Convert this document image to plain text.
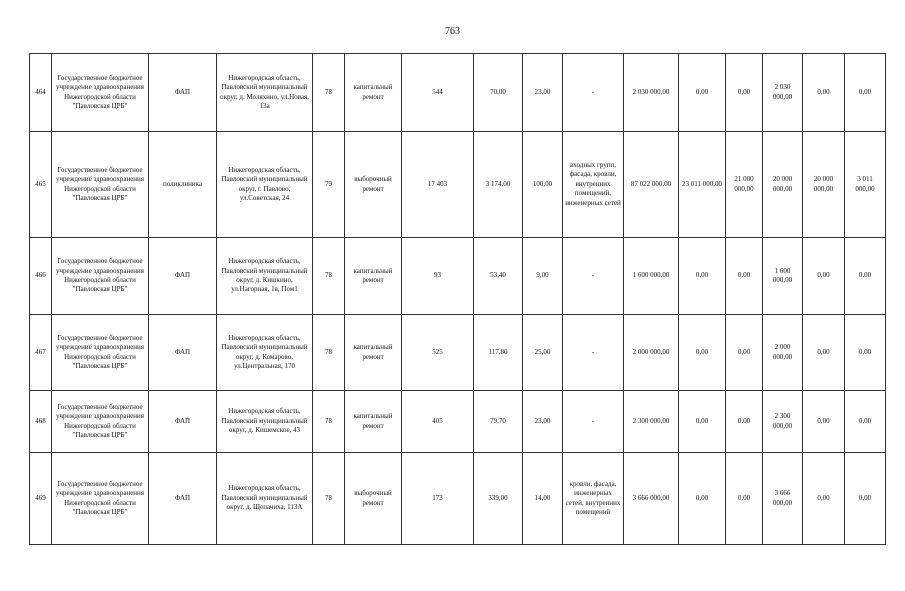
763
464	Государственное бюджетное учреждение здравоохранения Нижегородской области "Павловская ЦРБ"	ФАП	Нижегородская область, Павловский муниципальный округ, д. Моляхино, ул.Новая, 13а	78	капитальный ремонт	544	70,00	23,00	-	2 030 000,00	0,00	0,00	2 030 000,00	0,00	0,00
465	Государственное бюджетное учреждение здравоохранения Нижегородской области "Павловская ЦРБ"	поликлиника	Нижегородская область, Павловский муниципальный округ, г. Павлово, ул.Советская, 24	79	выборочный ремонт	17 403	3 174,00	100,00	входных групп, фасада, кровли, внутренних помещений, инженерных сетей	87 022 000,00	23 011 000,00	21 000 000,00	20 000 000,00	20 000 000,00	3 011 000,00
466	Государственное бюджетное учреждение здравоохранения Нижегородской области "Павловская ЦРБ"	ФАП	Нижегородская область, Павловский муниципальный округ, д. Кишкино, ул.Нагорная, 1в, Пом1	78	капитальный ремонт	93	53,40	9,00	-	1 600 000,00	0,00	0,00	1 600 000,00	0,00	0,00
467	Государственное бюджетное учреждение здравоохранения Нижегородской области "Павловская ЦРБ"	ФАП	Нижегородская область, Павловский муниципальный округ, д. Комарово, ул.Центральная, 170	78	капитальный ремонт	525	117,80	25,00	-	2 000 000,00	0,00	0,00	2 000 000,00	0,00	0,00
468	Государственное бюджетное учреждение здравоохранения Нижегородской области "Павловская ЦРБ"	ФАП	Нижегородская область, Павловский муниципальный округ, д. Кишемское, 43	78	капитальный ремонт	405	79,70	23,00	-	2 300 000,00	0,00	0,00	2 300 000,00	0,00	0,00
469	Государственное бюджетное учреждение здравоохранения Нижегородской области "Павловская ЦРБ"	ФАП	Нижегородская область, Павловский муниципальный округ, д. Щепачиха, 113А	78	выборочный ремонт	173	339,00	14,00	кровли, фасада, инженерных сетей, внутренних помещений	3 666 000,00	0,00	0,00	3 666 000,00	0,00	0,00
